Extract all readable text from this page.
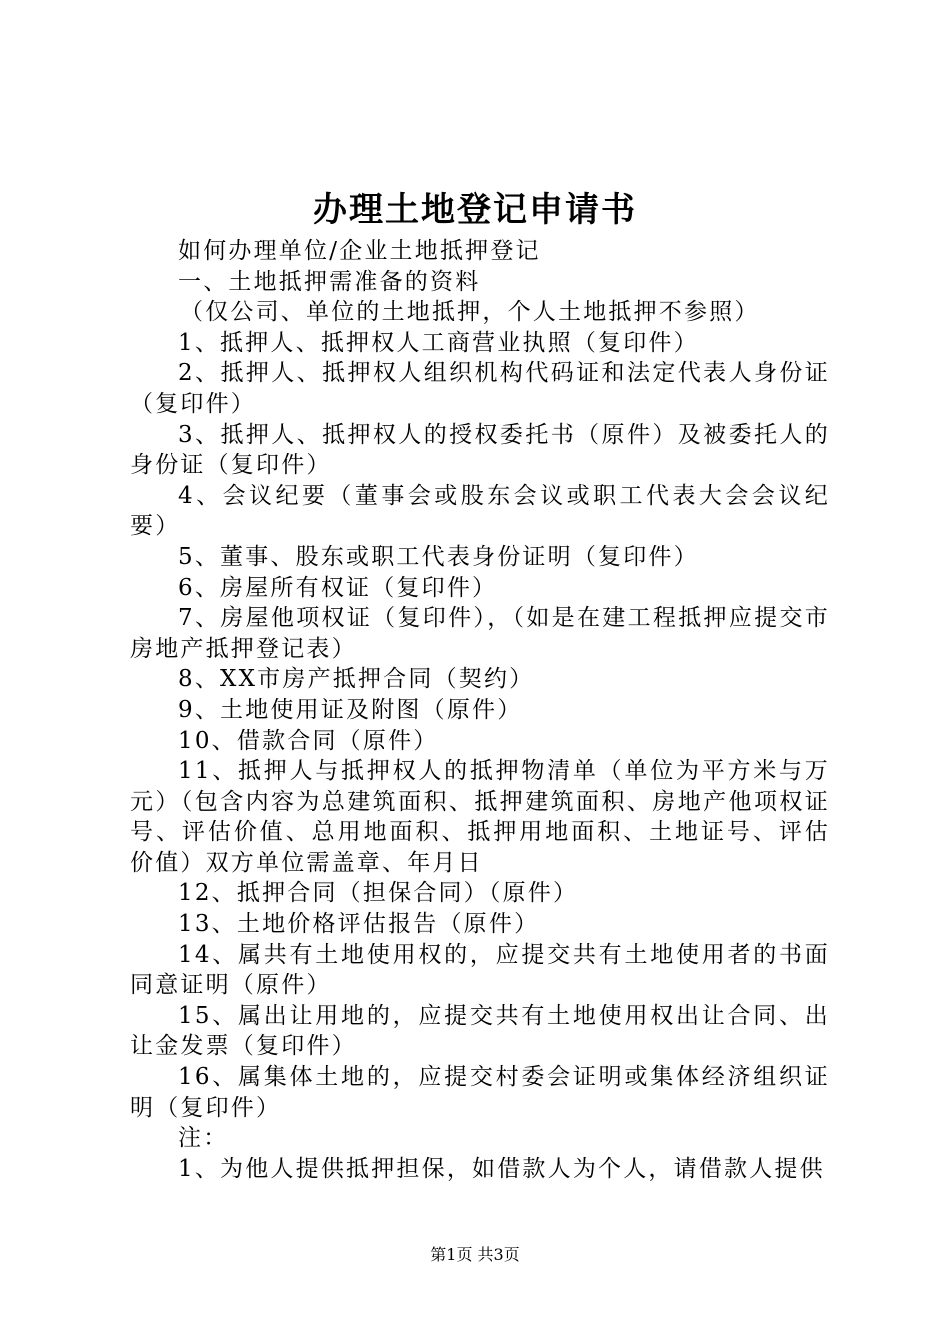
办理土地登记申请书

如何办理单位/企业土地抵押登记

一、土地抵押需准备的资料

（仅公司、单位的土地抵押，个人土地抵押不参照）

1、抵押人、抵押权人工商营业执照（复印件）

2、抵押人、抵押权人组织机构代码证和法定代表人身份证（复印件）

3、抵押人、抵押权人的授权委托书（原件）及被委托人的身份证（复印件）

4、会议纪要（董事会或股东会议或职工代表大会会议纪要）

5、董事、股东或职工代表身份证明（复印件）

6、房屋所有权证（复印件）

7、房屋他项权证（复印件），（如是在建工程抵押应提交市房地产抵押登记表）

8、XX市房产抵押合同（契约）

9、土地使用证及附图（原件）

10、借款合同（原件）

11、抵押人与抵押权人的抵押物清单（单位为平方米与万元）（包含内容为总建筑面积、抵押建筑面积、房地产他项权证号、评估价值、总用地面积、抵押用地面积、土地证号、评估价值）双方单位需盖章、年月日

12、抵押合同（担保合同）（原件）

13、土地价格评估报告（原件）

14、属共有土地使用权的，应提交共有土地使用者的书面同意证明（原件）

15、属出让用地的，应提交共有土地使用权出让合同、出让金发票（复印件）

16、属集体土地的，应提交村委会证明或集体经济组织证明（复印件）

注：

1、为他人提供抵押担保，如借款人为个人，请借款人提供

第1页 共3页
